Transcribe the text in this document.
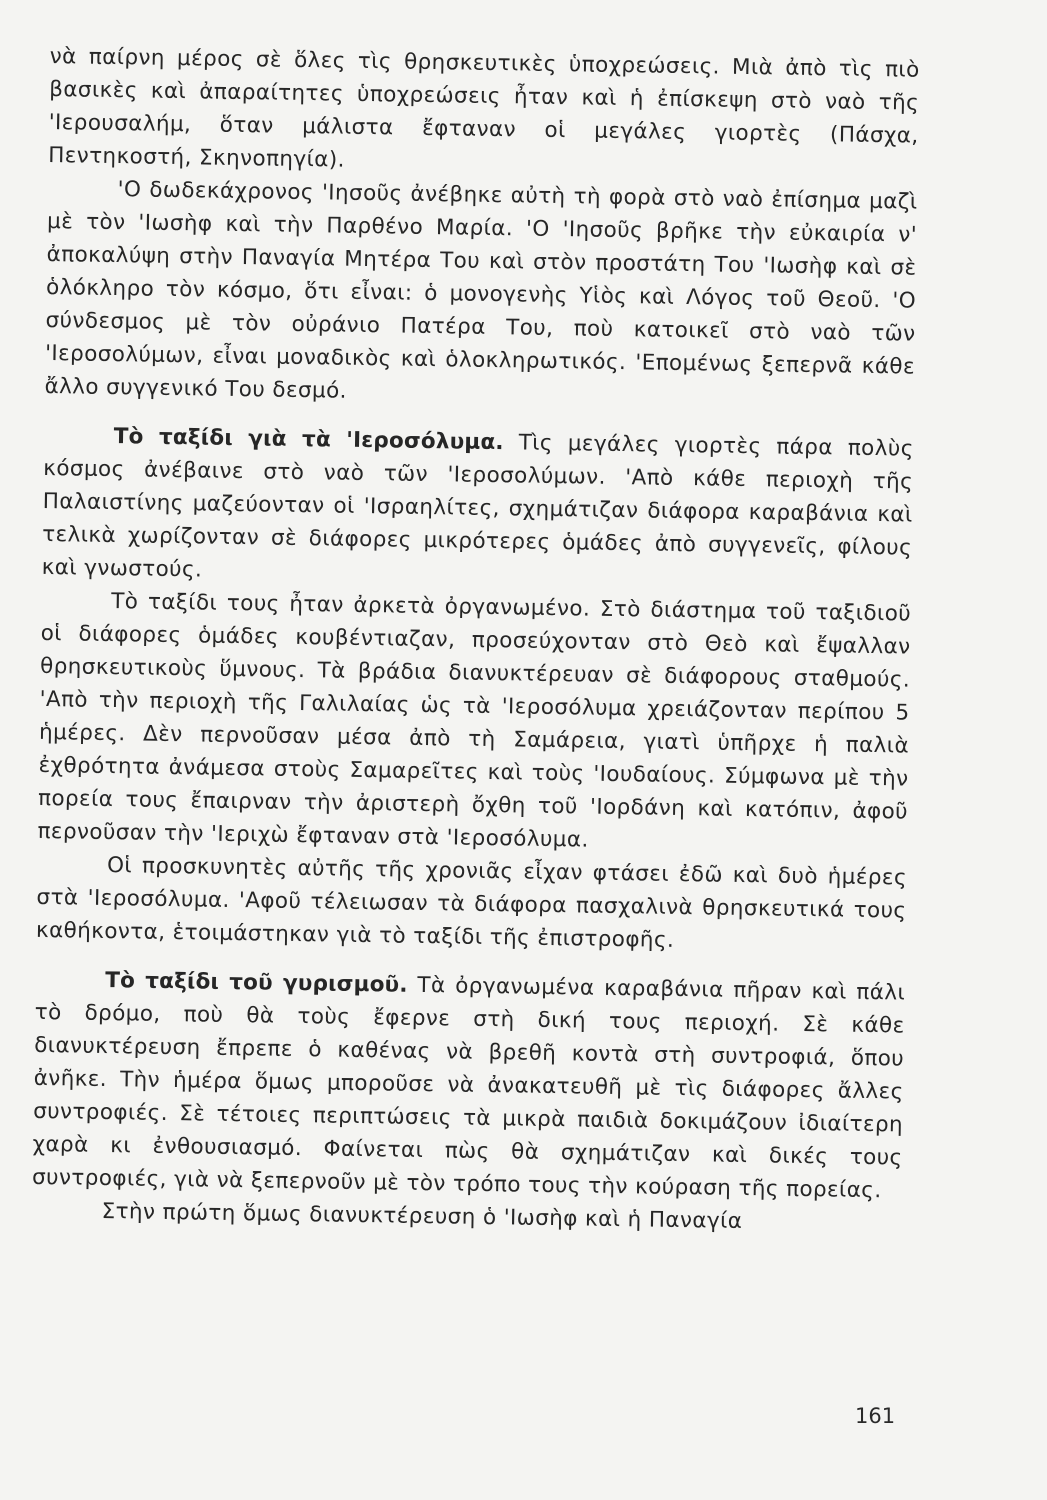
νὰ παίρνη μέρος σὲ ὅλες τὶς θρησκευτικὲς ὑποχρεώσεις. Μιὰ ἀπὸ τὶς πιὸ βασικὲς καὶ ἀπαραίτητες ὑποχρεώσεις ἦταν καὶ ἡ ἐπίσκεψη στὸ ναὸ τῆς 'Ιερουσαλήμ, ὅταν μάλιστα ἔφταναν οἱ μεγάλες γιορτὲς (Πάσχα, Πεντηκοστή, Σκηνοπηγία).

'Ο δωδεκάχρονος 'Ιησοῦς ἀνέβηκε αὐτὴ τὴ φορὰ στὸ ναὸ ἐπίσημα μαζὶ μὲ τὸν 'Ιωσὴφ καὶ τὴν Παρθένο Μαρία. 'Ο 'Ιησοῦς βρῆκε τὴν εὐκαιρία ν' ἀποκαλύψη στὴν Παναγία Μητέρα Του καὶ στὸν προστάτη Του 'Ιωσὴφ καὶ σὲ ὁλόκληρο τὸν κόσμο, ὅτι εἶναι: ὁ μονογενὴς Υἱὸς καὶ Λόγος τοῦ Θεοῦ. 'Ο σύνδεσμος μὲ τὸν οὐράνιο Πατέρα Του, ποὺ κατοικεῖ στὸ ναὸ τῶν 'Ιεροσολύμων, εἶναι μοναδικὸς καὶ ὁλοκληρωτικός. 'Επομένως ξεπερνᾶ κάθε ἄλλο συγγενικό Του δεσμό.

Τὸ ταξίδι γιὰ τὰ 'Ιεροσόλυμα. Τὶς μεγάλες γιορτὲς πάρα πολὺς κόσμος ἀνέβαινε στὸ ναὸ τῶν 'Ιεροσολύμων. 'Απὸ κάθε περιοχὴ τῆς Παλαιστίνης μαζεύονταν οἱ 'Ισραηλίτες, σχημάτιζαν διάφορα καραβάνια καὶ τελικὰ χωρίζονταν σὲ διάφορες μικρότερες ὁμάδες ἀπὸ συγγενεῖς, φίλους καὶ γνωστούς.

Τὸ ταξίδι τους ἦταν ἀρκετὰ ὀργανωμένο. Στὸ διάστημα τοῦ ταξιδιοῦ οἱ διάφορες ὁμάδες κουβέντιαζαν, προσεύχονταν στὸ Θεὸ καὶ ἔψαλλαν θρησκευτικοὺς ὕμνους. Τὰ βράδια διανυκτέρευαν σὲ διάφορους σταθμούς. 'Απὸ τὴν περιοχὴ τῆς Γαλιλαίας ὡς τὰ 'Ιεροσόλυμα χρειάζονταν περίπου 5 ἡμέρες. Δὲν περνοῦσαν μέσα ἀπὸ τὴ Σαμάρεια, γιατὶ ὑπῆρχε ἡ παλιὰ ἐχθρότητα ἀνάμεσα στοὺς Σαμαρεῖτες καὶ τοὺς 'Ιουδαίους. Σύμφωνα μὲ τὴν πορεία τους ἔπαιρναν τὴν ἀριστερὴ ὄχθη τοῦ 'Ιορδάνη καὶ κατόπιν, ἀφοῦ περνοῦσαν τὴν 'Ιεριχὼ ἔφταναν στὰ 'Ιεροσόλυμα.

Οἱ προσκυνητὲς αὐτῆς τῆς χρονιᾶς εἶχαν φτάσει ἐδῶ καὶ δυὸ ἡμέρες στὰ 'Ιεροσόλυμα. 'Αφοῦ τέλειωσαν τὰ διάφορα πασχαλινὰ θρησκευτικά τους καθήκοντα, ἑτοιμάστηκαν γιὰ τὸ ταξίδι τῆς ἐπιστροφῆς.

Τὸ ταξίδι τοῦ γυρισμοῦ. Τὰ ὀργανωμένα καραβάνια πῆραν καὶ πάλι τὸ δρόμο, ποὺ θὰ τοὺς ἔφερνε στὴ δική τους περιοχή. Σὲ κάθε διανυκτέρευση ἔπρεπε ὁ καθένας νὰ βρεθῆ κοντὰ στὴ συντροφιά, ὅπου ἀνῆκε. Τὴν ἡμέρα ὅμως μποροῦσε νὰ ἀνακατευθῆ μὲ τὶς διάφορες ἄλλες συντροφιές. Σὲ τέτοιες περιπτώσεις τὰ μικρὰ παιδιὰ δοκιμάζουν ἰδιαίτερη χαρὰ κι ἐνθουσιασμό. Φαίνεται πὼς θὰ σχημάτιζαν καὶ δικές τους συντροφιές, γιὰ νὰ ξεπερνοῦν μὲ τὸν τρόπο τους τὴν κούραση τῆς πορείας.

Στὴν πρώτη ὅμως διανυκτέρευση ὁ 'Ιωσὴφ καὶ ἡ Παναγία

161
